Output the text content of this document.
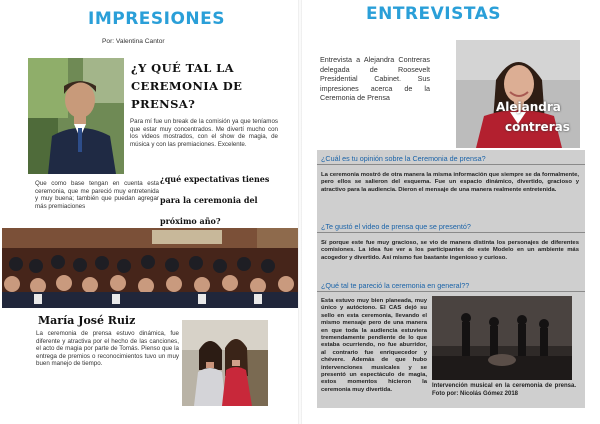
IMPRESIONES
Por: Valentina Cantor
¿Y QUÉ TAL LA CEREMONIA DE PRENSA?
Para mí fue un break de la comisión ya que teníamos que estar muy concentrados. Me divertí mucho con los videos mostrados, con el show de magia, de música y con las premiaciones. Excelente.
¿qué expectativas tienes para la ceremonia del próximo año?
Que como base tengan en cuenta esta ceremonia, que me pareció muy entretenida y muy buena; también que puedan agregar más premiaciones
María José Ruiz
La ceremonia de prensa estuvo dinámica, fue diferente y atractiva por el hecho de las canciones, el acto de magia por parte de Tomás. Pienso que la entrega de premios o reconocimientos tuvo un muy buen manejo de tiempo.
ENTREVISTAS
Entrevista a Alejandra Contreras delegada de Roosevelt Presidential Cabinet. Sus impresiones acerca de la Ceremonia de Prensa
Alejandra
contreras
¿Cuál es tu opinión sobre la Ceremonia de prensa?
La ceremonia mostró de otra manera la misma información que siempre se da formalmente, pero ellos se salieron del esquema. Fue un espacio dinámico, divertido, gracioso y atractivo para la audiencia. Dieron el mensaje de una manera realmente entretenida.
¿Te gustó el video de prensa que se presentó?
Sí porque este fue muy gracioso, se vio de manera distinta los personajes de diferentes comisiones. La idea fue ver a los participantes de este Modelo en un ambiente más acogedor y divertido. Así mismo fue bastante ingenioso y curioso.
¿Qué tal te pareció la ceremonia en general??
Esta estuvo muy bien planeada, muy único y autóctono. El CAS dejó su sello en esta ceremonia, llevando el mismo mensaje pero de una manera en que toda la audiencia estuviera tremendamente pendiente de lo que estaba ocurriendo, no fue aburridor, al contrario fue enriquecedor y chévere. Además de que hubo intervenciones musicales y se presentó un espectáculo de magia, estos momentos hicieron la ceremonia muy divertida.
Intervención musical en la ceremonia de prensa. Foto por: Nicolás Gómez 2018
